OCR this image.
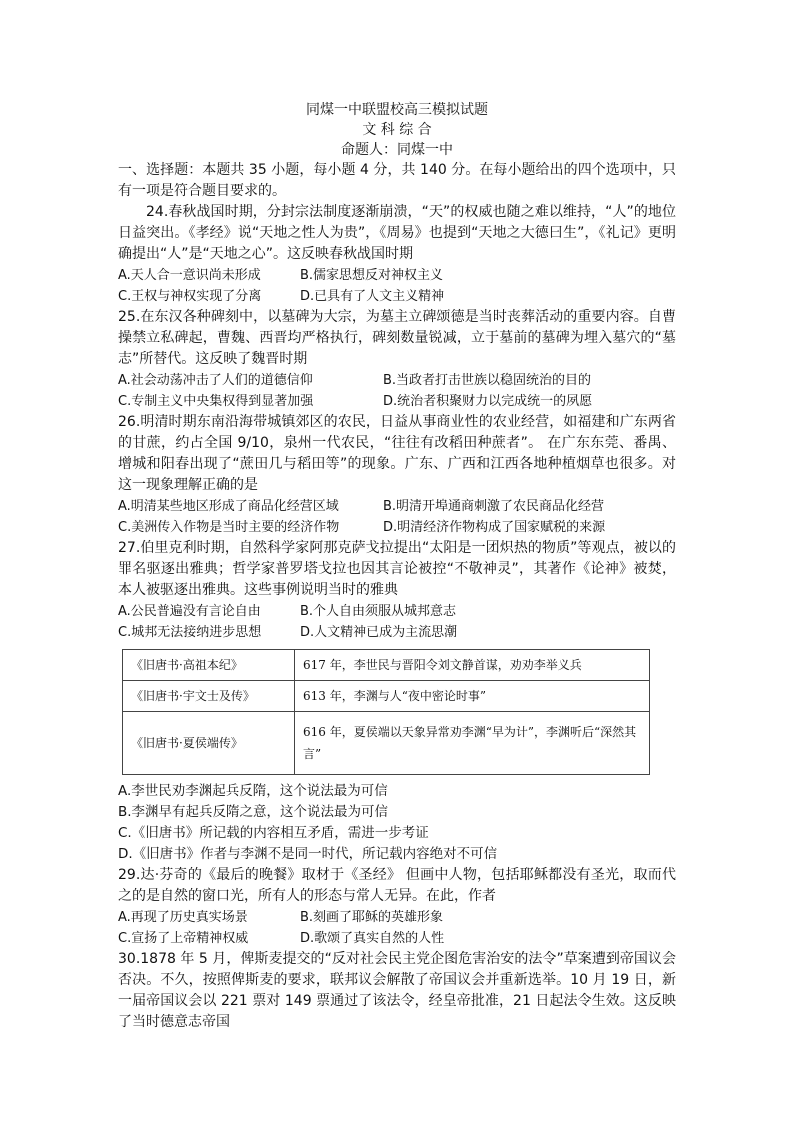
同煤一中联盟校高三模拟试题
文 科 综 合
命题人：同煤一中

一、选择题：本题共 35 小题，每小题 4 分，共 140 分。在每小题给出的四个选项中，只有一项是符合题目要求的。

24.春秋战国时期，分封宗法制度逐渐崩溃，“天”的权威也随之难以维持，“人”的地位日益突出。《孝经》说“天地之性人为贵”，《周易》也提到“天地之大德曰生”，《礼记》更明确提出“人”是“天地之心”。这反映春秋战国时期

A.天人合一意识尚未形成	B.儒家思想反对神权主义
C.王权与神权实现了分离	D.已具有了人文主义精神

25.在东汉各种碑刻中，以墓碑为大宗，为墓主立碑颂德是当时丧葬活动的重要内容。自曹操禁立私碑起，曹魏、西晋均严格执行，碑刻数量锐减，立于墓前的墓碑为埋入墓穴的“墓志”所替代。这反映了魏晋时期

A.社会动荡冲击了人们的道德信仰	B.当政者打击世族以稳固统治的目的
C.专制主义中央集权得到显著加强	D.统治者积聚财力以完成统一的夙愿

26.明清时期东南沿海带城镇郊区的农民，日益从事商业性的农业经营，如福建和广东两省的甘蔗，约占全国 9/10，泉州一代农民，“往往有改稻田种蔗者”。 在广东东莞、番禺、增城和阳春出现了“蔗田几与稻田等”的现象。广东、广西和江西各地种植烟草也很多。对这一现象理解正确的是

A.明清某些地区形成了商品化经营区域	B.明清开埠通商刺激了农民商品化经营
C.美洲传入作物是当时主要的经济作物	D.明清经济作物构成了国家赋税的来源

27.伯里克利时期，自然科学家阿那克萨戈拉提出“太阳是一团炽热的物质”等观点，被以的罪名驱逐出雅典；哲学家普罗塔戈拉也因其言论被控“不敬神灵”，其著作《论神》被焚，本人被驱逐出雅典。这些事例说明当时的雅典

A.公民普遍没有言论自由	B.个人自由须服从城邦意志
C.城邦无法接纳进步思想	D.人文精神已成为主流思潮
《旧唐书·高祖本纪》	617 年，李世民与晋阳令刘文静首谋，劝劝李举义兵
《旧唐书·宇文士及传》	613 年，李渊与人“夜中密论时事”
《旧唐书·夏侯端传》	616 年，夏侯端以天象异常劝李渊“早为计”，李渊听后“深然其言”

A.李世民劝李渊起兵反隋，这个说法最为可信

B.李渊早有起兵反隋之意，这个说法最为可信

C.《旧唐书》所记载的内容相互矛盾，需进一步考证

D.《旧唐书》作者与李渊不是同一时代，所记载内容绝对不可信

29.达·芬奇的《最后的晚餐》取材于《圣经》 但画中人物，包括耶稣都没有圣光，取而代之的是自然的窗口光，所有人的形态与常人无异。在此，作者

A.再现了历史真实场景	B.刻画了耶稣的英雄形象
C.宣扬了上帝精神权威	D.歌颂了真实自然的人性

30.1878 年 5 月，俾斯麦提交的“反对社会民主党企图危害治安的法令”草案遭到帝国议会否决。不久，按照俾斯麦的要求，联邦议会解散了帝国议会并重新选举。10 月 19 日，新一届帝国议会以 221 票对 149 票通过了该法令，经皇帝批准，21 日起法令生效。这反映了当时德意志帝国
